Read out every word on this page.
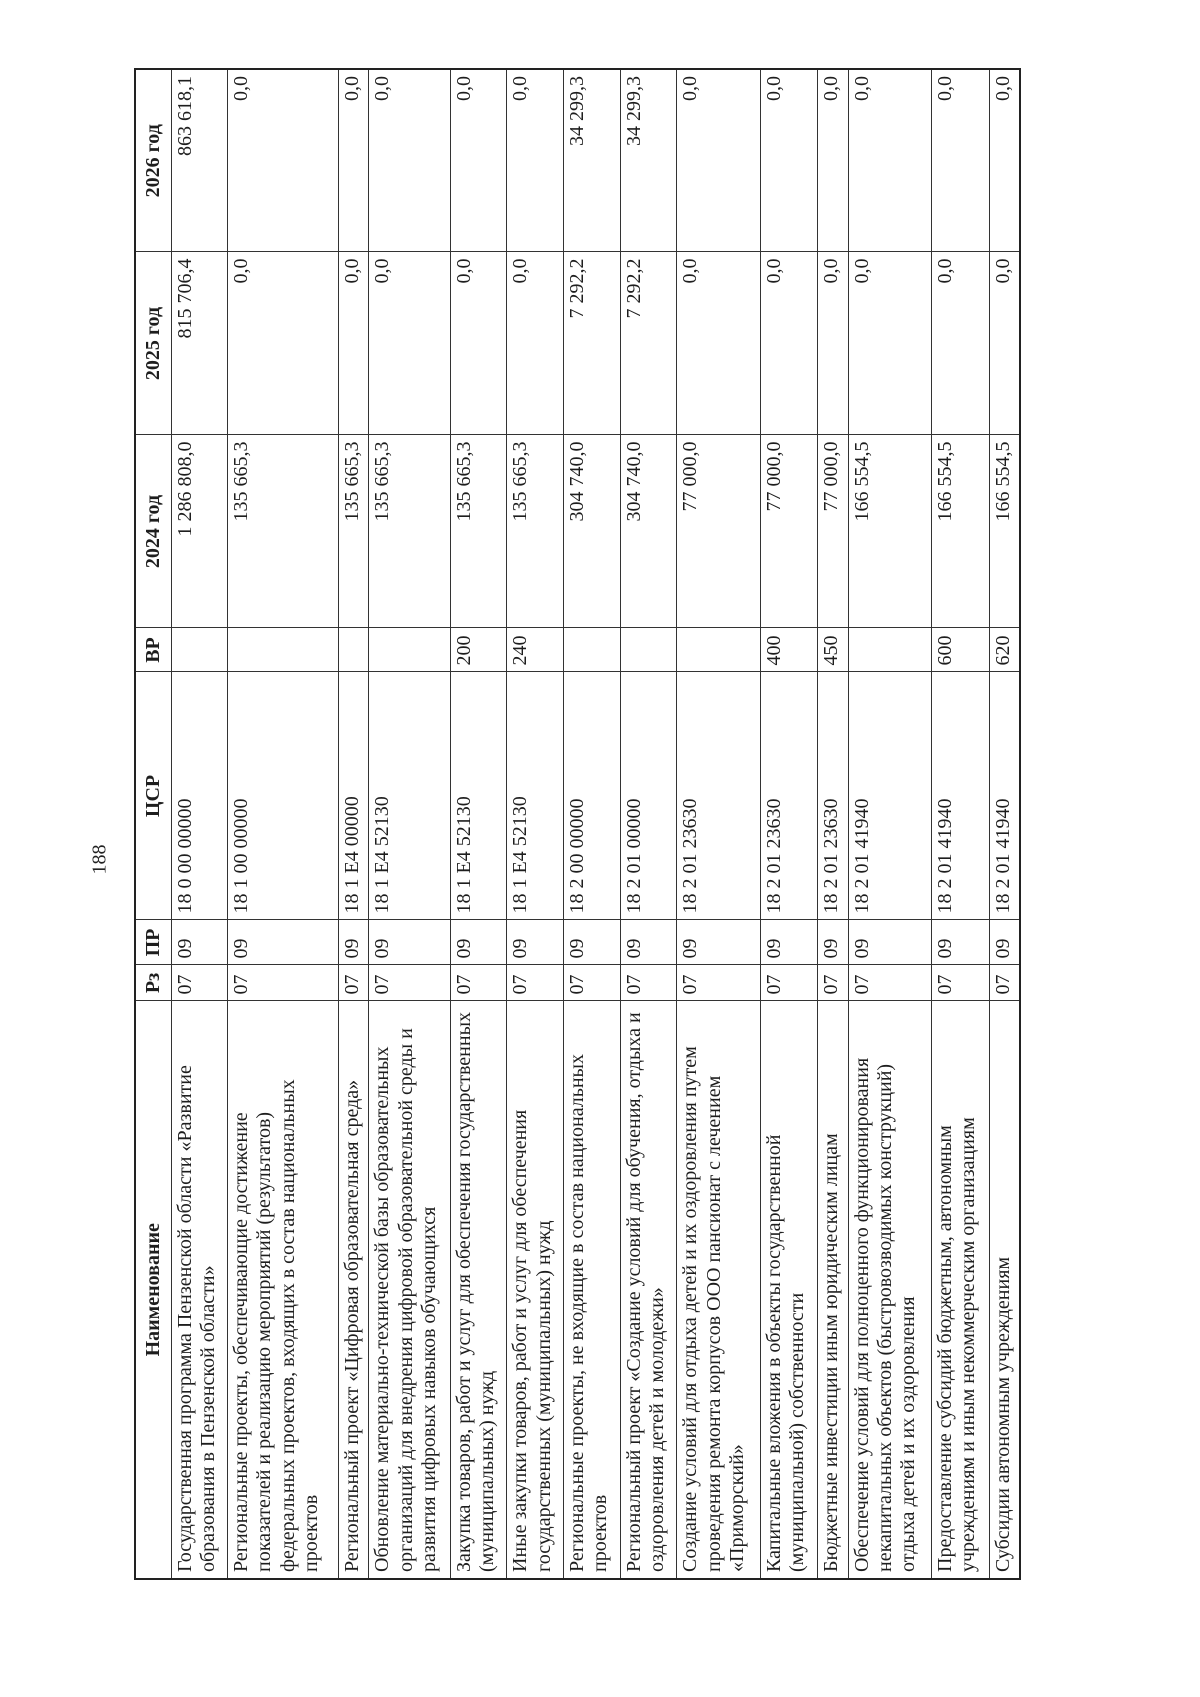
188
Наименование	Рз	ПР	ЦСР	ВР	2024 год	2025 год	2026 год
Государственная программа Пензенской области «Развитие образования в Пензенской области»	07	09	18 0 00 00000		1 286 808,0	815 706,4	863 618,1
Региональные проекты, обеспечивающие достижение показателей и реализацию мероприятий (результатов) федеральных проектов, входящих в состав национальных проектов	07	09	18 1 00 00000		135 665,3	0,0	0,0
Региональный проект «Цифровая образовательная среда»	07	09	18 1 Е4 00000		135 665,3	0,0	0,0
Обновление материально-технической базы образовательных организаций для внедрения цифровой образовательной среды и развития цифровых навыков обучающихся	07	09	18 1 Е4 52130		135 665,3	0,0	0,0
Закупка товаров, работ и услуг для обеспечения государственных (муниципальных) нужд	07	09	18 1 Е4 52130	200	135 665,3	0,0	0,0
Иные закупки товаров, работ и услуг для обеспечения государственных (муниципальных) нужд	07	09	18 1 Е4 52130	240	135 665,3	0,0	0,0
Региональные проекты, не входящие в состав национальных проектов	07	09	18 2 00 00000		304 740,0	7 292,2	34 299,3
Региональный проект «Создание условий для обучения, отдыха и оздоровления детей и молодежи»	07	09	18 2 01 00000		304 740,0	7 292,2	34 299,3
Создание условий для отдыха детей и их оздоровления путем проведения ремонта корпусов ООО пансионат с лечением «Приморский»	07	09	18 2 01 23630		77 000,0	0,0	0,0
Капитальные вложения в объекты государственной (муниципальной) собственности	07	09	18 2 01 23630	400	77 000,0	0,0	0,0
Бюджетные инвестиции иным юридическим лицам	07	09	18 2 01 23630	450	77 000,0	0,0	0,0
Обеспечение условий для полноценного функционирования некапитальных объектов (быстровозводимых конструкций) отдыха детей и их оздоровления	07	09	18 2 01 41940		166 554,5	0,0	0,0
Предоставление субсидий бюджетным, автономным учреждениям и иным некоммерческим организациям	07	09	18 2 01 41940	600	166 554,5	0,0	0,0
Субсидии автономным учреждениям	07	09	18 2 01 41940	620	166 554,5	0,0	0,0
